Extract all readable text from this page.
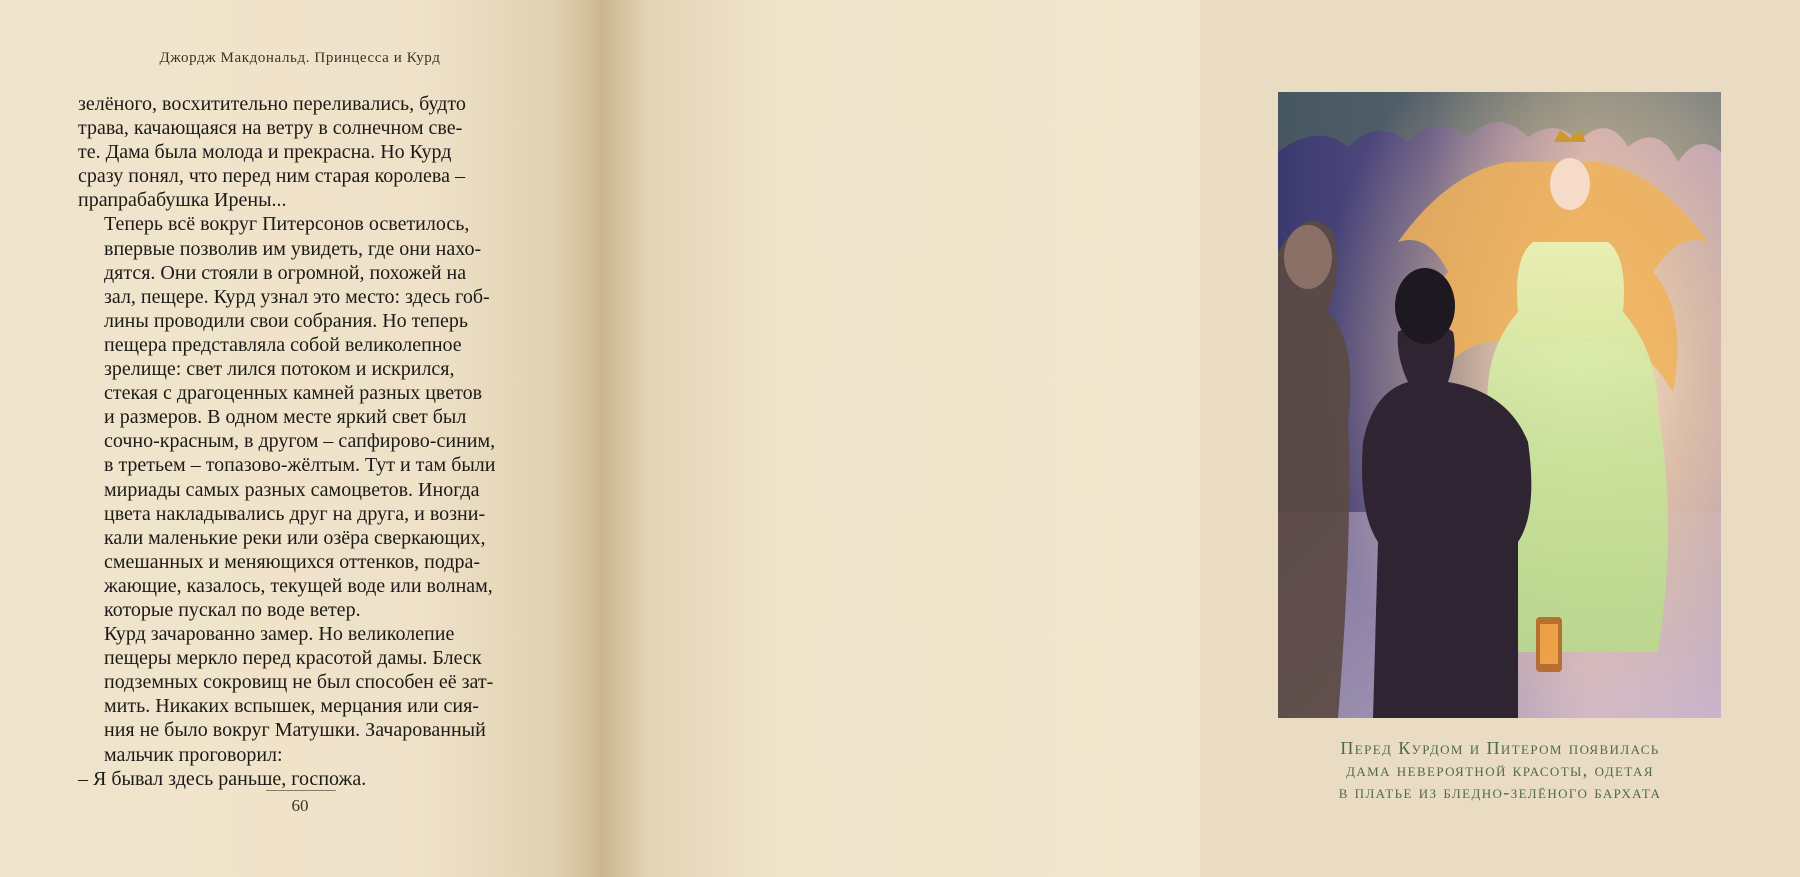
Джордж Макдональд. Принцесса и Курд

зелёного, восхитительно переливались, будто
трава, качающаяся на ветру в солнечном све-
те. Дама была молода и прекрасна. Но Курд
сразу понял, что перед ним старая королева –
прапрабабушка Ирены...

Теперь всё вокруг Питерсонов осветилось,
впервые позволив им увидеть, где они нахо-
дятся. Они стояли в огромной, похожей на
зал, пещере. Курд узнал это место: здесь гоб-
лины проводили свои собрания. Но теперь
пещера представляла собой великолепное
зрелище: свет лился потоком и искрился,
стекая с драгоценных камней разных цветов
и размеров. В одном месте яркий свет был
сочно-красным, в другом – сапфирово-синим,
в третьем – топазово-жёлтым. Тут и там были
мириады самых разных самоцветов. Иногда
цвета накладывались друг на друга, и возни-
кали маленькие реки или озёра сверкающих,
смешанных и меняющихся оттенков, подра-
жающие, казалось, текущей воде или волнам,
которые пускал по воде ветер.

Курд зачарованно замер. Но великолепие
пещеры меркло перед красотой дамы. Блеск
подземных сокровищ не был способен её зат-
мить. Никаких вспышек, мерцания или сия-
ния не было вокруг Матушки. Зачарованный
мальчик проговорил:

– Я бывал здесь раньше, госпожа.

60
Перед Курдом и Питером появилась
дама невероятной красоты, одетая
в платье из бледно-зелёного бархата
